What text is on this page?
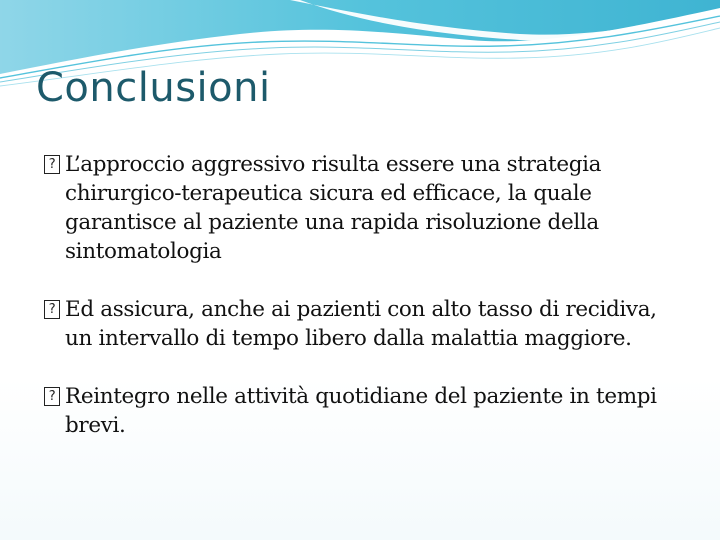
Conclusioni
? L’approccio aggressivo risulta essere una strategia chirurgico-terapeutica sicura ed efficace, la quale garantisce al paziente una rapida risoluzione della sintomatologia
? Ed assicura, anche ai pazienti con alto tasso di recidiva, un intervallo di tempo libero dalla malattia maggiore.
? Reintegro nelle attività quotidiane del paziente in tempi brevi.
